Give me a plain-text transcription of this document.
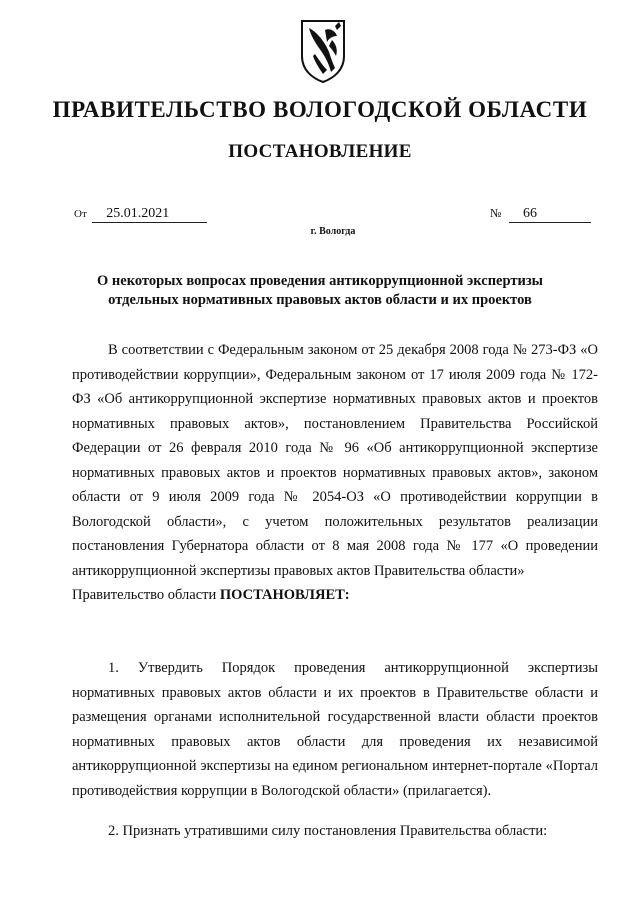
ПРАВИТЕЛЬСТВО ВОЛОГОДСКОЙ ОБЛАСТИ
ПОСТАНОВЛЕНИЕ
От 25.01.2021	№ 66
г. Вологда
О некоторых вопросах проведения антикоррупционной экспертизы отдельных нормативных правовых актов области и их проектов

В соответствии с Федеральным законом от 25 декабря 2008 года № 273-ФЗ «О противодействии коррупции», Федеральным законом от 17 июля 2009 года № 172-ФЗ «Об антикоррупционной экспертизе нормативных правовых актов и проектов нормативных правовых актов», постановлением Правительства Российской Федерации от 26 февраля 2010 года № 96 «Об антикоррупционной экспертизе нормативных правовых актов и проектов нормативных правовых актов», законом области от 9 июля 2009 года № 2054-ОЗ «О противодействии коррупции в Вологодской области», с учетом положительных результатов реализации постановления Губернатора области от 8 мая 2008 года № 177 «О проведении антикоррупционной экспертизы правовых актов Правительства области»

Правительство области ПОСТАНОВЛЯЕТ:

1. Утвердить Порядок проведения антикоррупционной экспертизы нормативных правовых актов области и их проектов в Правительстве области и размещения органами исполнительной государственной власти области проектов нормативных правовых актов области для проведения их независимой антикоррупционной экспертизы на едином региональном интернет-портале «Портал противодействия коррупции в Вологодской области» (прилагается).

2. Признать утратившими силу постановления Правительства области:
